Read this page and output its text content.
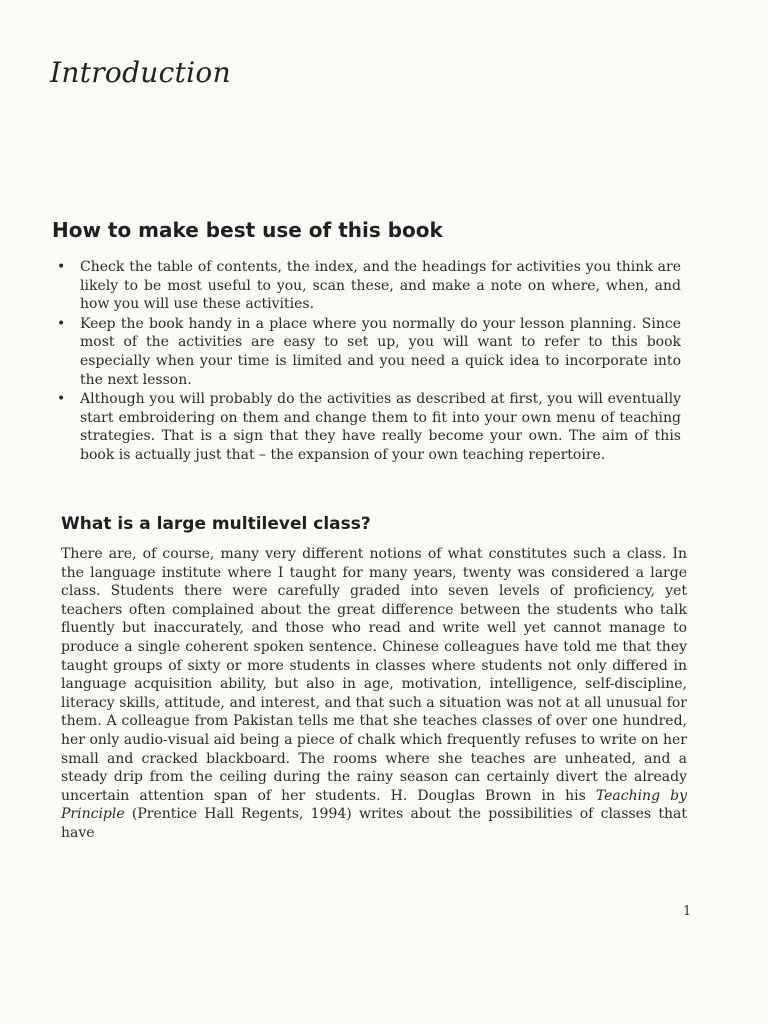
Introduction
How to make best use of this book
• Check the table of contents, the index, and the headings for activities you think are likely to be most useful to you, scan these, and make a note on where, when, and how you will use these activities.
• Keep the book handy in a place where you normally do your lesson planning. Since most of the activities are easy to set up, you will want to refer to this book especially when your time is limited and you need a quick idea to incorporate into the next lesson.
• Although you will probably do the activities as described at first, you will eventually start embroidering on them and change them to fit into your own menu of teaching strategies. That is a sign that they have really become your own. The aim of this book is actually just that – the expansion of your own teaching repertoire.
What is a large multilevel class?

There are, of course, many very different notions of what constitutes such a class. In the language institute where I taught for many years, twenty was considered a large class. Students there were carefully graded into seven levels of proficiency, yet teachers often complained about the great difference between the students who talk fluently but inaccurately, and those who read and write well yet cannot manage to produce a single coherent spoken sentence. Chinese colleagues have told me that they taught groups of sixty or more students in classes where students not only differed in language acquisition ability, but also in age, motivation, intelligence, self-discipline, literacy skills, attitude, and interest, and that such a situation was not at all unusual for them. A colleague from Pakistan tells me that she teaches classes of over one hundred, her only audio-visual aid being a piece of chalk which frequently refuses to write on her small and cracked blackboard. The rooms where she teaches are unheated, and a steady drip from the ceiling during the rainy season can certainly divert the already uncertain attention span of her students. H. Douglas Brown in his Teaching by Principle (Prentice Hall Regents, 1994) writes about the possibilities of classes that have

1
